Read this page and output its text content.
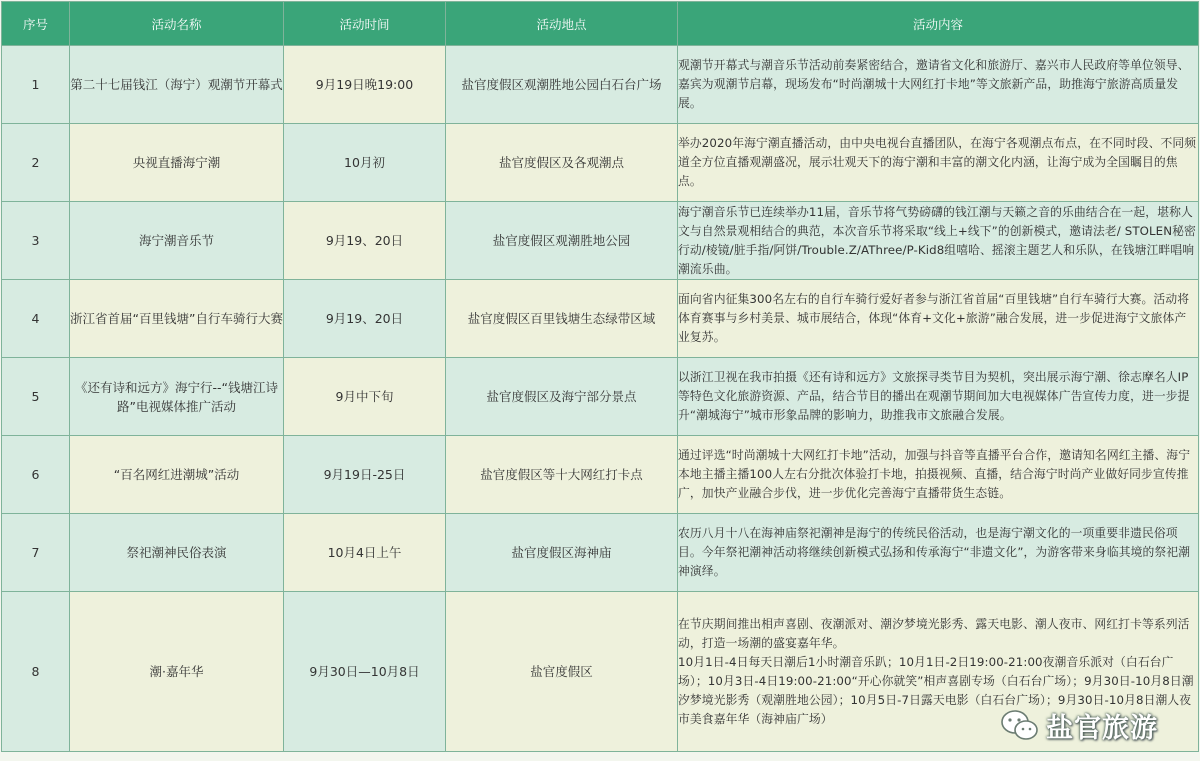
序号	活动名称	活动时间	活动地点	活动内容
1	第二十七届钱江（海宁）观潮节开幕式	9月19日晚19:00	盐官度假区观潮胜地公园白石台广场	观潮节开幕式与潮音乐节活动前奏紧密结合，邀请省文化和旅游厅、嘉兴市人民政府等单位领导、嘉宾为观潮节启幕，现场发布“时尚潮城十大网红打卡地”等文旅新产品，助推海宁旅游高质量发展。
2	央视直播海宁潮	10月初	盐官度假区及各观潮点	举办2020年海宁潮直播活动，由中央电视台直播团队，在海宁各观潮点布点，在不同时段、不同频道全方位直播观潮盛况，展示壮观天下的海宁潮和丰富的潮文化内涵，让海宁成为全国瞩目的焦点。
3	海宁潮音乐节	9月19、20日	盐官度假区观潮胜地公园	海宁潮音乐节已连续举办11届，音乐节将气势磅礴的钱江潮与天籁之音的乐曲结合在一起，堪称人文与自然景观相结合的典范，本次音乐节将采取“线上+线下”的创新模式，邀请法老/ STOLEN秘密行动/棱镜/脏手指/阿饼/Trouble.Z/AThree/P-Kid8组嘻哈、摇滚主题艺人和乐队，在钱塘江畔唱响潮流乐曲。
4	浙江省首届“百里钱塘”自行车骑行大赛	9月19、20日	盐官度假区百里钱塘生态绿带区域	面向省内征集300名左右的自行车骑行爱好者参与浙江省首届“百里钱塘”自行车骑行大赛。活动将体育赛事与乡村美景、城市展结合，体现“体育+文化+旅游”融合发展，进一步促进海宁文旅体产业复苏。
5	《还有诗和远方》海宁行--“钱塘江诗路”电视媒体推广活动	9月中下旬	盐官度假区及海宁部分景点	以浙江卫视在我市拍摄《还有诗和远方》文旅探寻类节目为契机，突出展示海宁潮、徐志摩名人IP等特色文化旅游资源、产品，结合节目的播出在观潮节期间加大电视媒体广告宣传力度，进一步提升“潮城海宁”城市形象品牌的影响力，助推我市文旅融合发展。
6	“百名网红进潮城”活动	9月19日-25日	盐官度假区等十大网红打卡点	通过评选“时尚潮城十大网红打卡地”活动，加强与抖音等直播平台合作，邀请知名网红主播、海宁本地主播主播100人左右分批次体验打卡地，拍摄视频、直播，结合海宁时尚产业做好同步宣传推广，加快产业融合步伐，进一步优化完善海宁直播带货生态链。
7	祭祀潮神民俗表演	10月4日上午	盐官度假区海神庙	农历八月十八在海神庙祭祀潮神是海宁的传统民俗活动，也是海宁潮文化的一项重要非遗民俗项目。今年祭祀潮神活动将继续创新模式弘扬和传承海宁“非遗文化”，为游客带来身临其境的祭祀潮神演绎。
8	潮·嘉年华	9月30日—10月8日	盐官度假区	在节庆期间推出相声喜剧、夜潮派对、潮汐梦境光影秀、露天电影、潮人夜市、网红打卡等系列活动，打造一场潮的盛宴嘉年华。
10月1日-4日每天日潮后1小时潮音乐趴；10月1日-2日19:00-21:00夜潮音乐派对（白石台广场）；10月3日-4日19:00-21:00“开心你就笑”相声喜剧专场（白石台广场）；9月30日-10月8日潮汐梦境光影秀（观潮胜地公园）；10月5日-7日露天电影（白石台广场）；9月30日-10月8日潮人夜市美食嘉年华（海神庙广场）	盐官旅游
